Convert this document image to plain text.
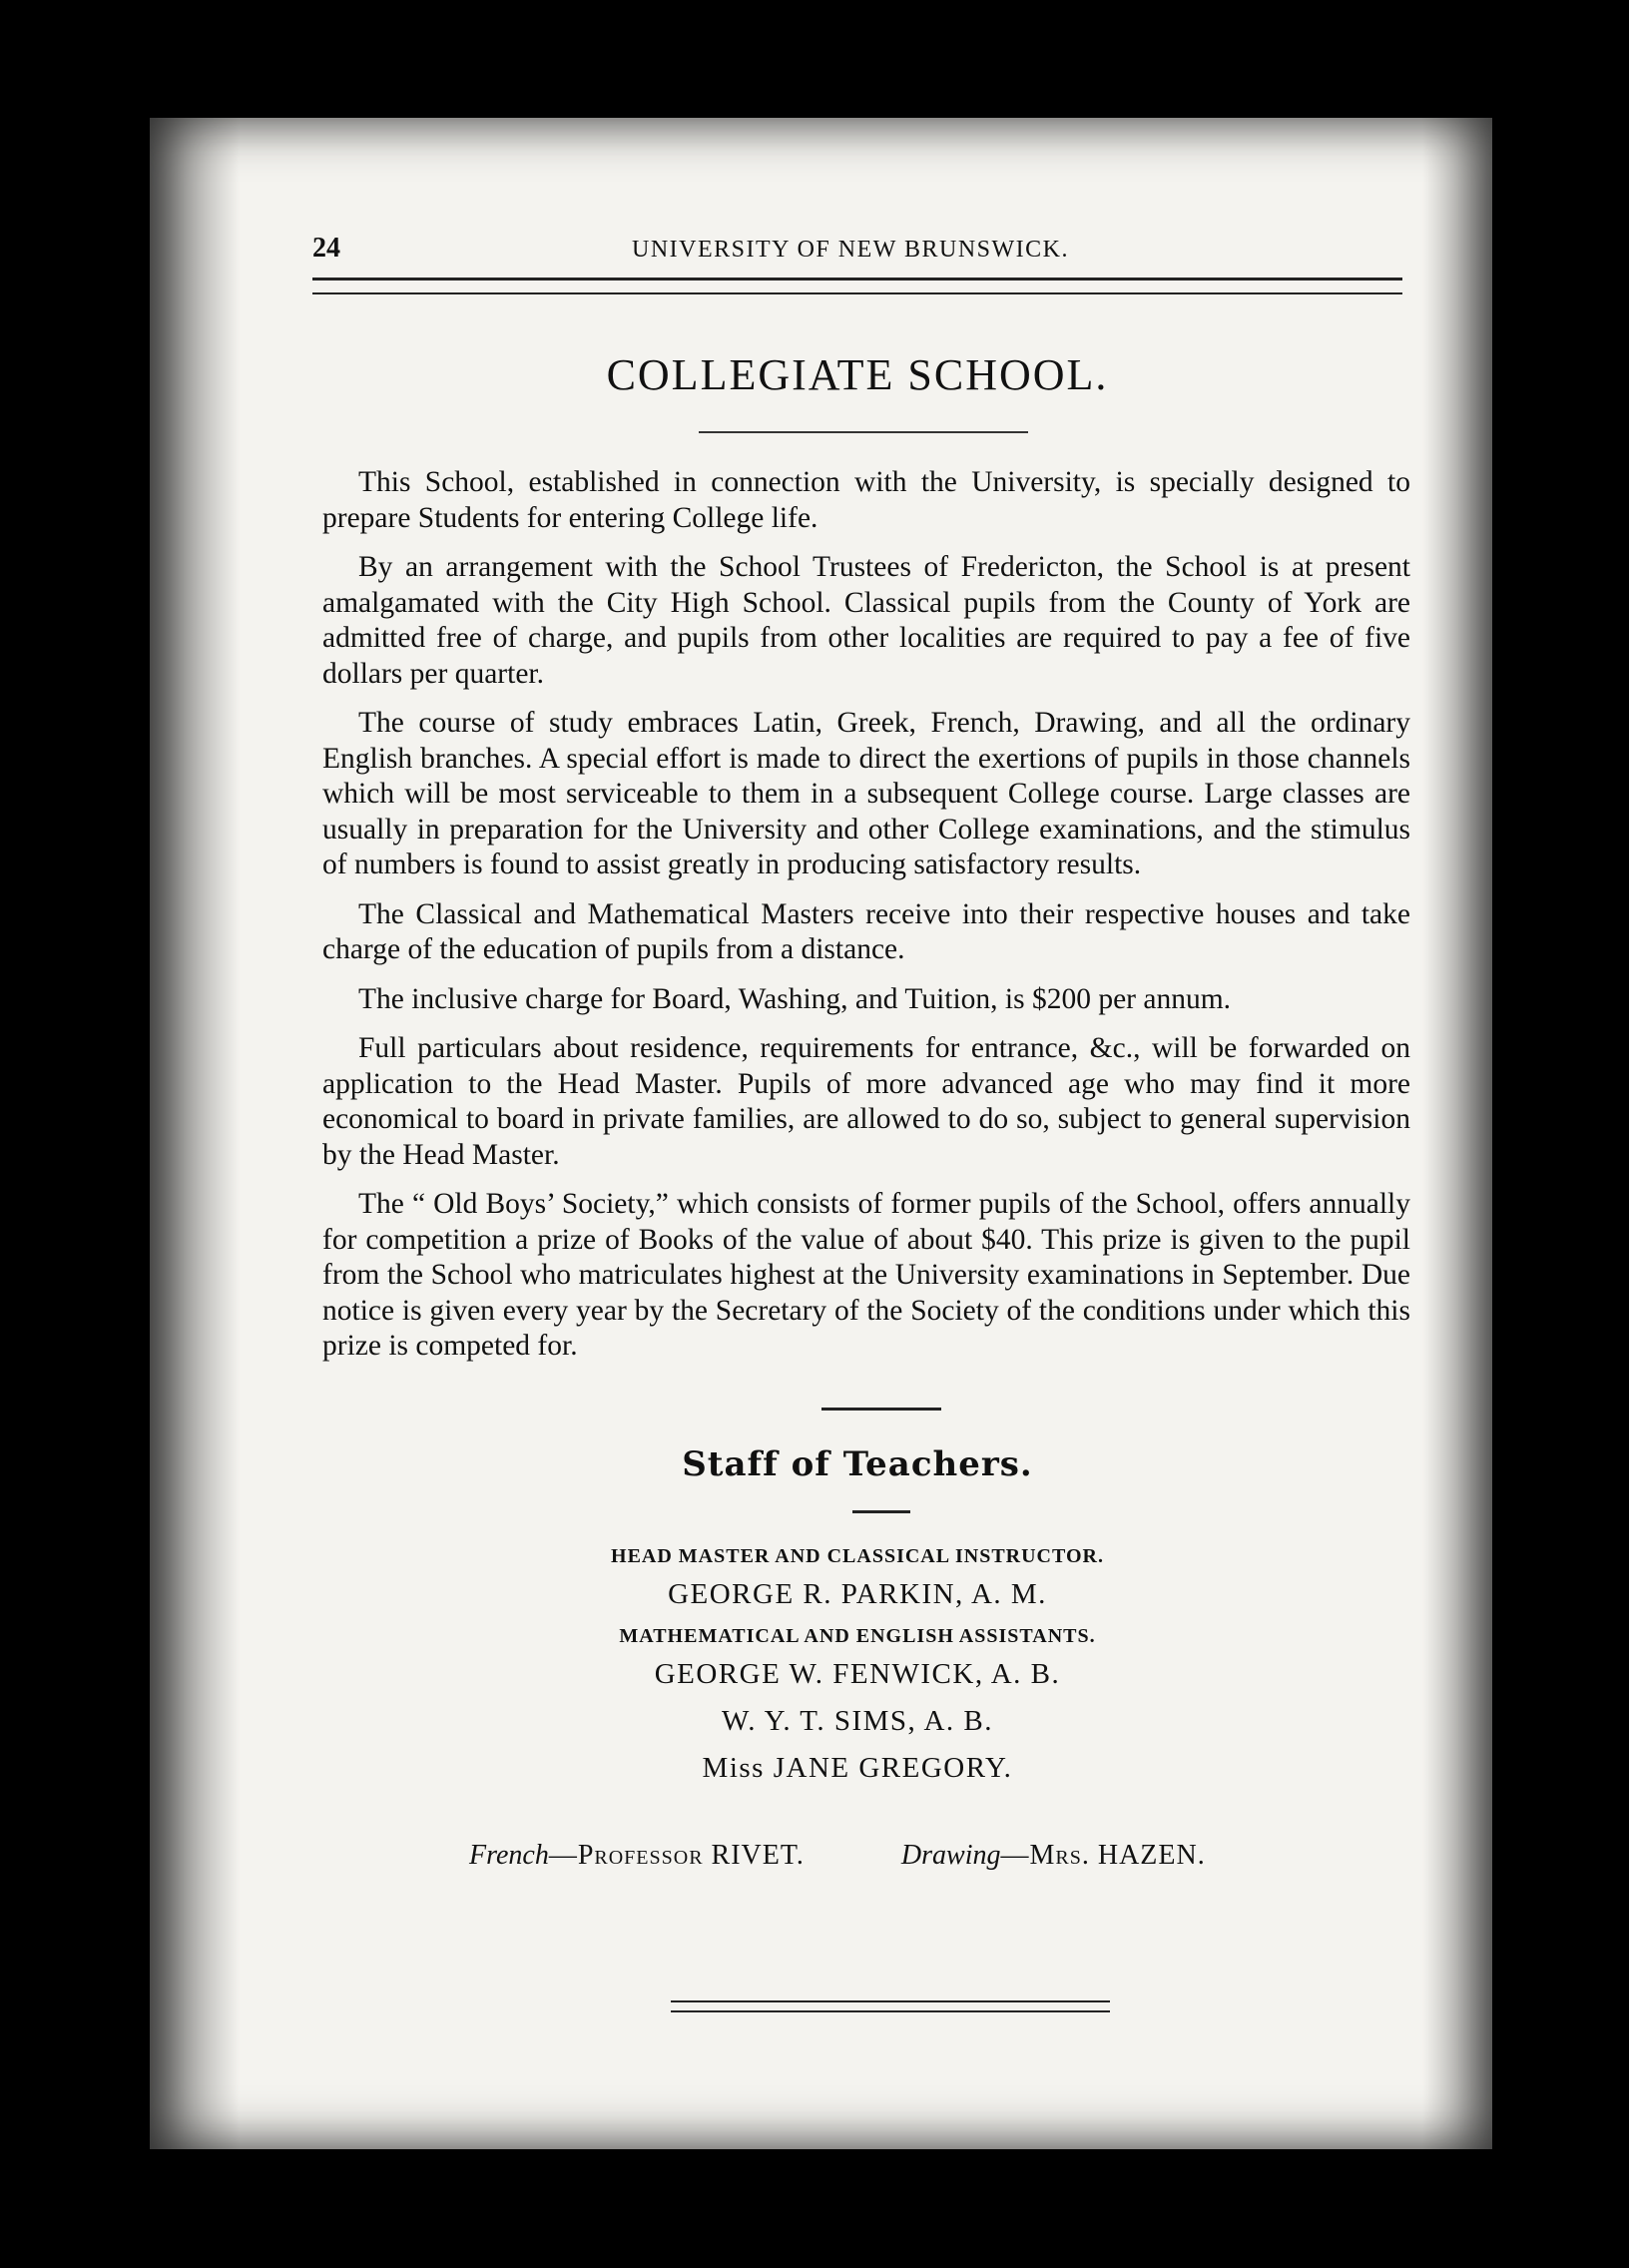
24	UNIVERSITY OF NEW BRUNSWICK.
COLLEGIATE SCHOOL.

This School, established in connection with the University, is specially designed to prepare Students for entering College life.

By an arrangement with the School Trustees of Fredericton, the School is at present amalgamated with the City High School. Classical pupils from the County of York are admitted free of charge, and pupils from other localities are required to pay a fee of five dollars per quarter.

The course of study embraces Latin, Greek, French, Drawing, and all the ordinary English branches. A special effort is made to direct the exertions of pupils in those channels which will be most serviceable to them in a subsequent College course. Large classes are usually in preparation for the University and other College examinations, and the stimulus of numbers is found to assist greatly in producing satisfactory results.

The Classical and Mathematical Masters receive into their respective houses and take charge of the education of pupils from a distance.

The inclusive charge for Board, Washing, and Tuition, is $200 per annum.

Full particulars about residence, requirements for entrance, &c., will be forwarded on application to the Head Master. Pupils of more advanced age who may find it more economical to board in private families, are allowed to do so, subject to general supervision by the Head Master.

The “ Old Boys’ Society,” which consists of former pupils of the School, offers annually for competition a prize of Books of the value of about $40. This prize is given to the pupil from the School who matriculates highest at the University examinations in September. Due notice is given every year by the Secretary of the Society of the conditions under which this prize is competed for.

Staff of Teachers.
HEAD MASTER AND CLASSICAL INSTRUCTOR.
GEORGE R. PARKIN, A. M.
MATHEMATICAL AND ENGLISH ASSISTANTS.
GEORGE W. FENWICK, A. B.
W. Y. T. SIMS, A. B.
Miss JANE GREGORY.
French—Professor RIVET.	Drawing—Mrs. HAZEN.
